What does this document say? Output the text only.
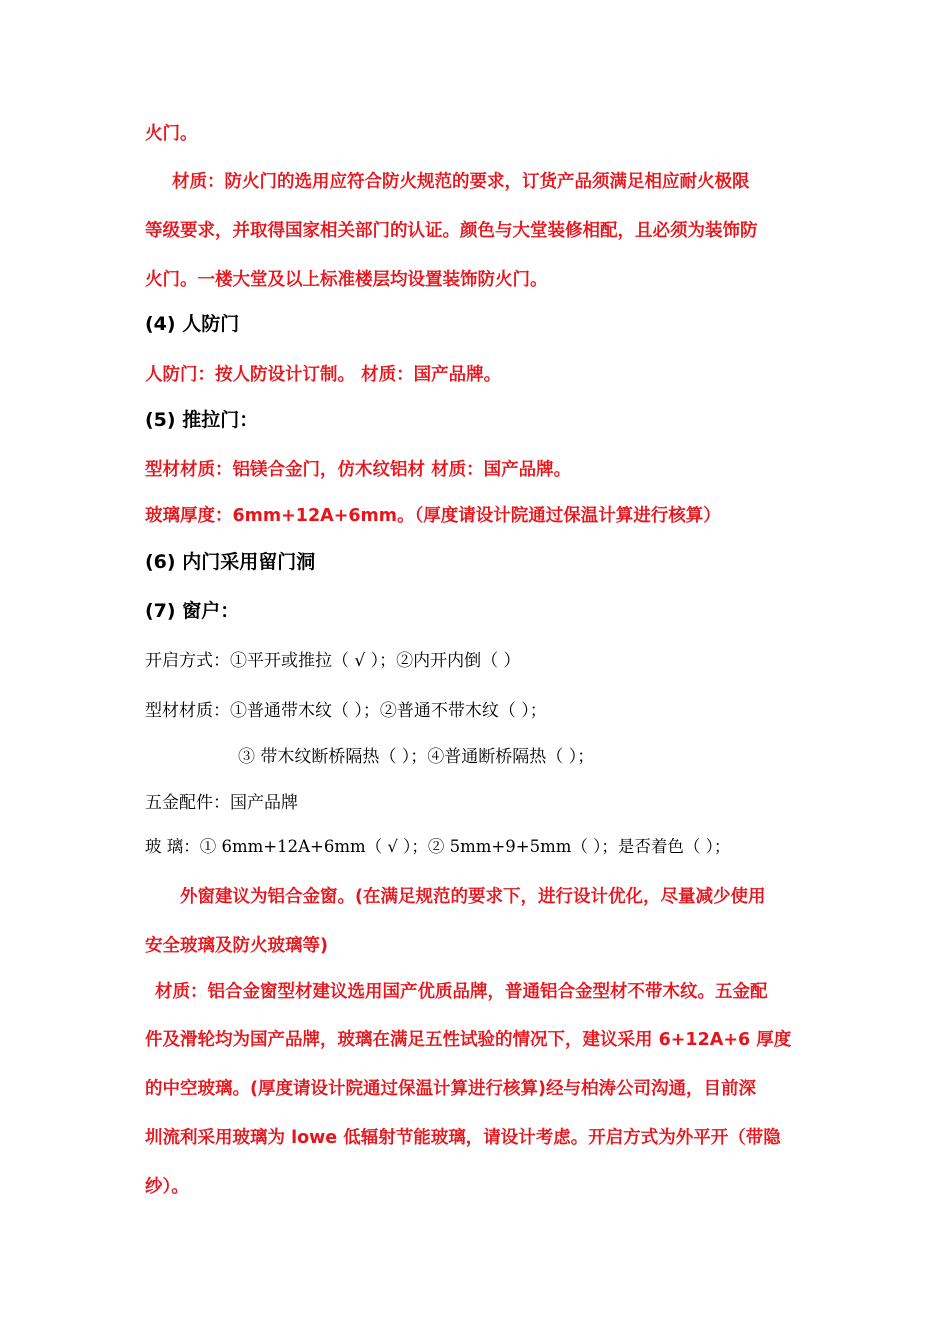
火门。
材质：防火门的选用应符合防火规范的要求，订货产品须满足相应耐火极限
等级要求，并取得国家相关部门的认证。颜色与大堂装修相配，且必须为装饰防
火门。一楼大堂及以上标准楼层均设置装饰防火门。
(4) 人防门
人防门：按人防设计订制。 材质：国产品牌。
(5) 推拉门：
型材材质：铝镁合金门，仿木纹铝材 材质：国产品牌。
玻璃厚度：6mm+12A+6mm。（厚度请设计院通过保温计算进行核算）
(6) 内门采用留门洞
(7) 窗户：
开启方式：①平开或推拉（ √ ）；②内开内倒（ ）
型材材质：①普通带木纹（ ）；②普通不带木纹（ ）；
③ 带木纹断桥隔热（ ）；④普通断桥隔热（ ）；
五金配件：国产品牌
玻 璃：① 6mm+12A+6mm（ √ ）；② 5mm+9+5mm（ ）；是否着色（ ）；
外窗建议为铝合金窗。(在满足规范的要求下，进行设计优化，尽量减少使用
安全玻璃及防火玻璃等)
材质：铝合金窗型材建议选用国产优质品牌，普通铝合金型材不带木纹。五金配
件及滑轮均为国产品牌，玻璃在满足五性试验的情况下，建议采用 6+12A+6 厚度
的中空玻璃。(厚度请设计院通过保温计算进行核算)经与柏涛公司沟通，目前深
圳流利采用玻璃为 lowe 低辐射节能玻璃，请设计考虑。开启方式为外平开（带隐
纱）。
